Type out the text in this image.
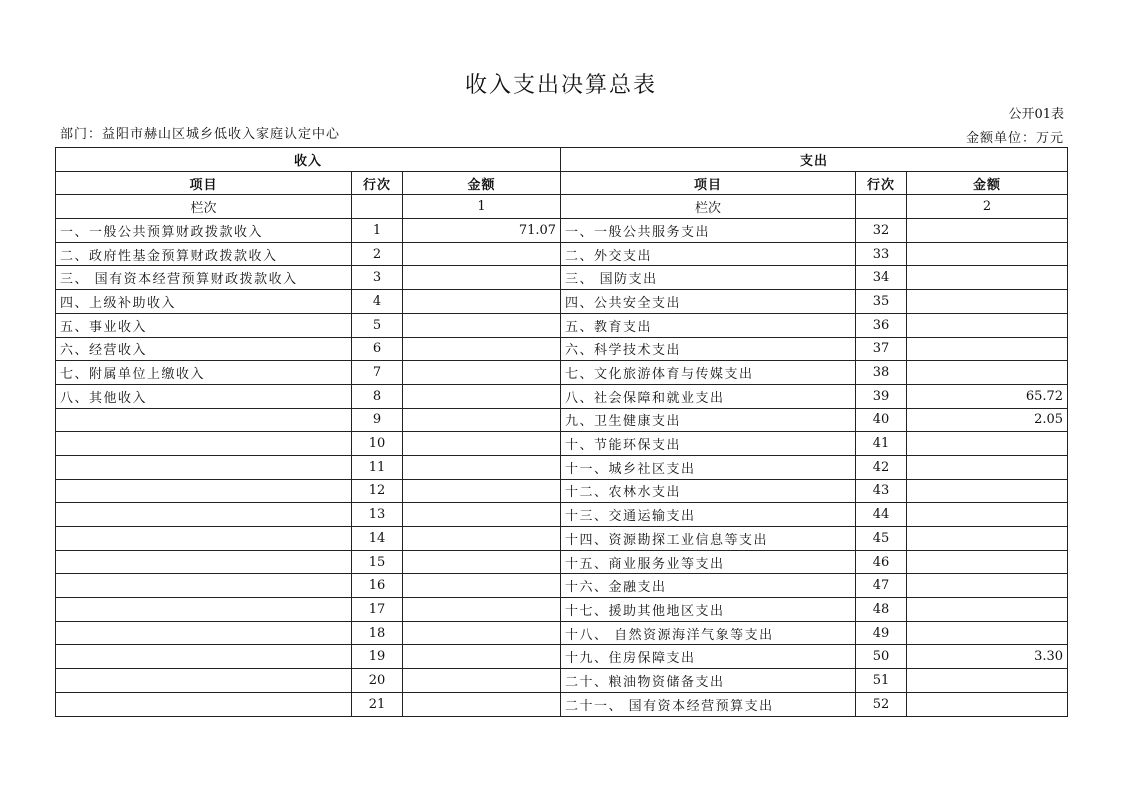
收入支出决算总表
公开01表
部门：益阳市赫山区城乡低收入家庭认定中心	金额单位：万元
收入			支出		
项目	行次	金额	项目	行次	金额
栏次		1	栏次		2
一、一般公共预算财政拨款收入	1	71.07	一、一般公共服务支出	32	
二、政府性基金预算财政拨款收入	2		二、外交支出	33	
三、 国有资本经营预算财政拨款收入	3		三、 国防支出	34	
四、上级补助收入	4		四、公共安全支出	35	
五、事业收入	5		五、教育支出	36	
六、经营收入	6		六、科学技术支出	37	
七、附属单位上缴收入	7		七、文化旅游体育与传媒支出	38	
八、其他收入	8		八、社会保障和就业支出	39	65.72
	9		九、卫生健康支出	40	2.05
	10		十、节能环保支出	41	
	11		十一、城乡社区支出	42	
	12		十二、农林水支出	43	
	13		十三、交通运输支出	44	
	14		十四、资源勘探工业信息等支出	45	
	15		十五、商业服务业等支出	46	
	16		十六、金融支出	47	
	17		十七、援助其他地区支出	48	
	18		十八、 自然资源海洋气象等支出	49	
	19		十九、住房保障支出	50	3.30
	20		二十、粮油物资储备支出	51	
	21		二十一、 国有资本经营预算支出	52	
